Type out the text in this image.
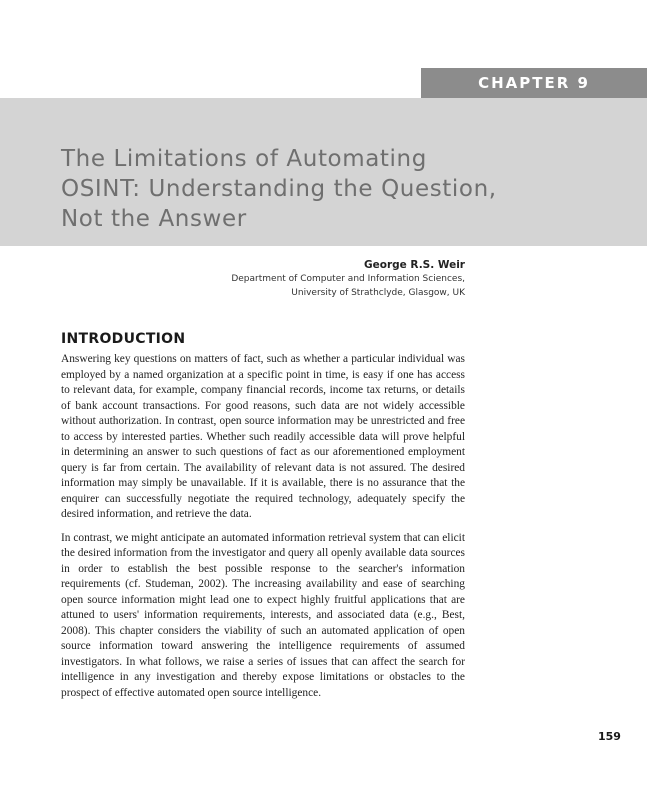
CHAPTER 9
The Limitations of Automating
OSINT: Understanding the Question,
Not the Answer
George R.S. Weir
Department of Computer and Information Sciences,
University of Strathclyde, Glasgow, UK
INTRODUCTION

Answering key questions on matters of fact, such as whether a particular individual was employed by a named organization at a specific point in time, is easy if one has access to relevant data, for example, company financial records, income tax returns, or details of bank account transactions. For good reasons, such data are not widely accessible without authorization. In contrast, open source information may be unrestricted and free to access by interested parties. Whether such readily accessible data will prove helpful in determining an answer to such questions of fact as our aforementioned employment query is far from certain. The availability of relevant data is not assured. The desired information may simply be unavailable. If it is available, there is no assurance that the enquirer can successfully negotiate the required technology, adequately specify the desired information, and retrieve the data.

In contrast, we might anticipate an automated information retrieval system that can elicit the desired information from the investigator and query all openly available data sources in order to establish the best possible response to the searcher's information requirements (cf. Studeman, 2002). The increasing availability and ease of searching open source information might lead one to expect highly fruitful applications that are attuned to users' information requirements, interests, and associated data (e.g., Best, 2008). This chapter considers the viability of such an automated application of open source information toward answering the intelligence requirements of assumed investigators. In what follows, we raise a series of issues that can affect the search for intelligence in any investigation and thereby expose limitations or obstacles to the prospect of effective automated open source intelligence.

159
